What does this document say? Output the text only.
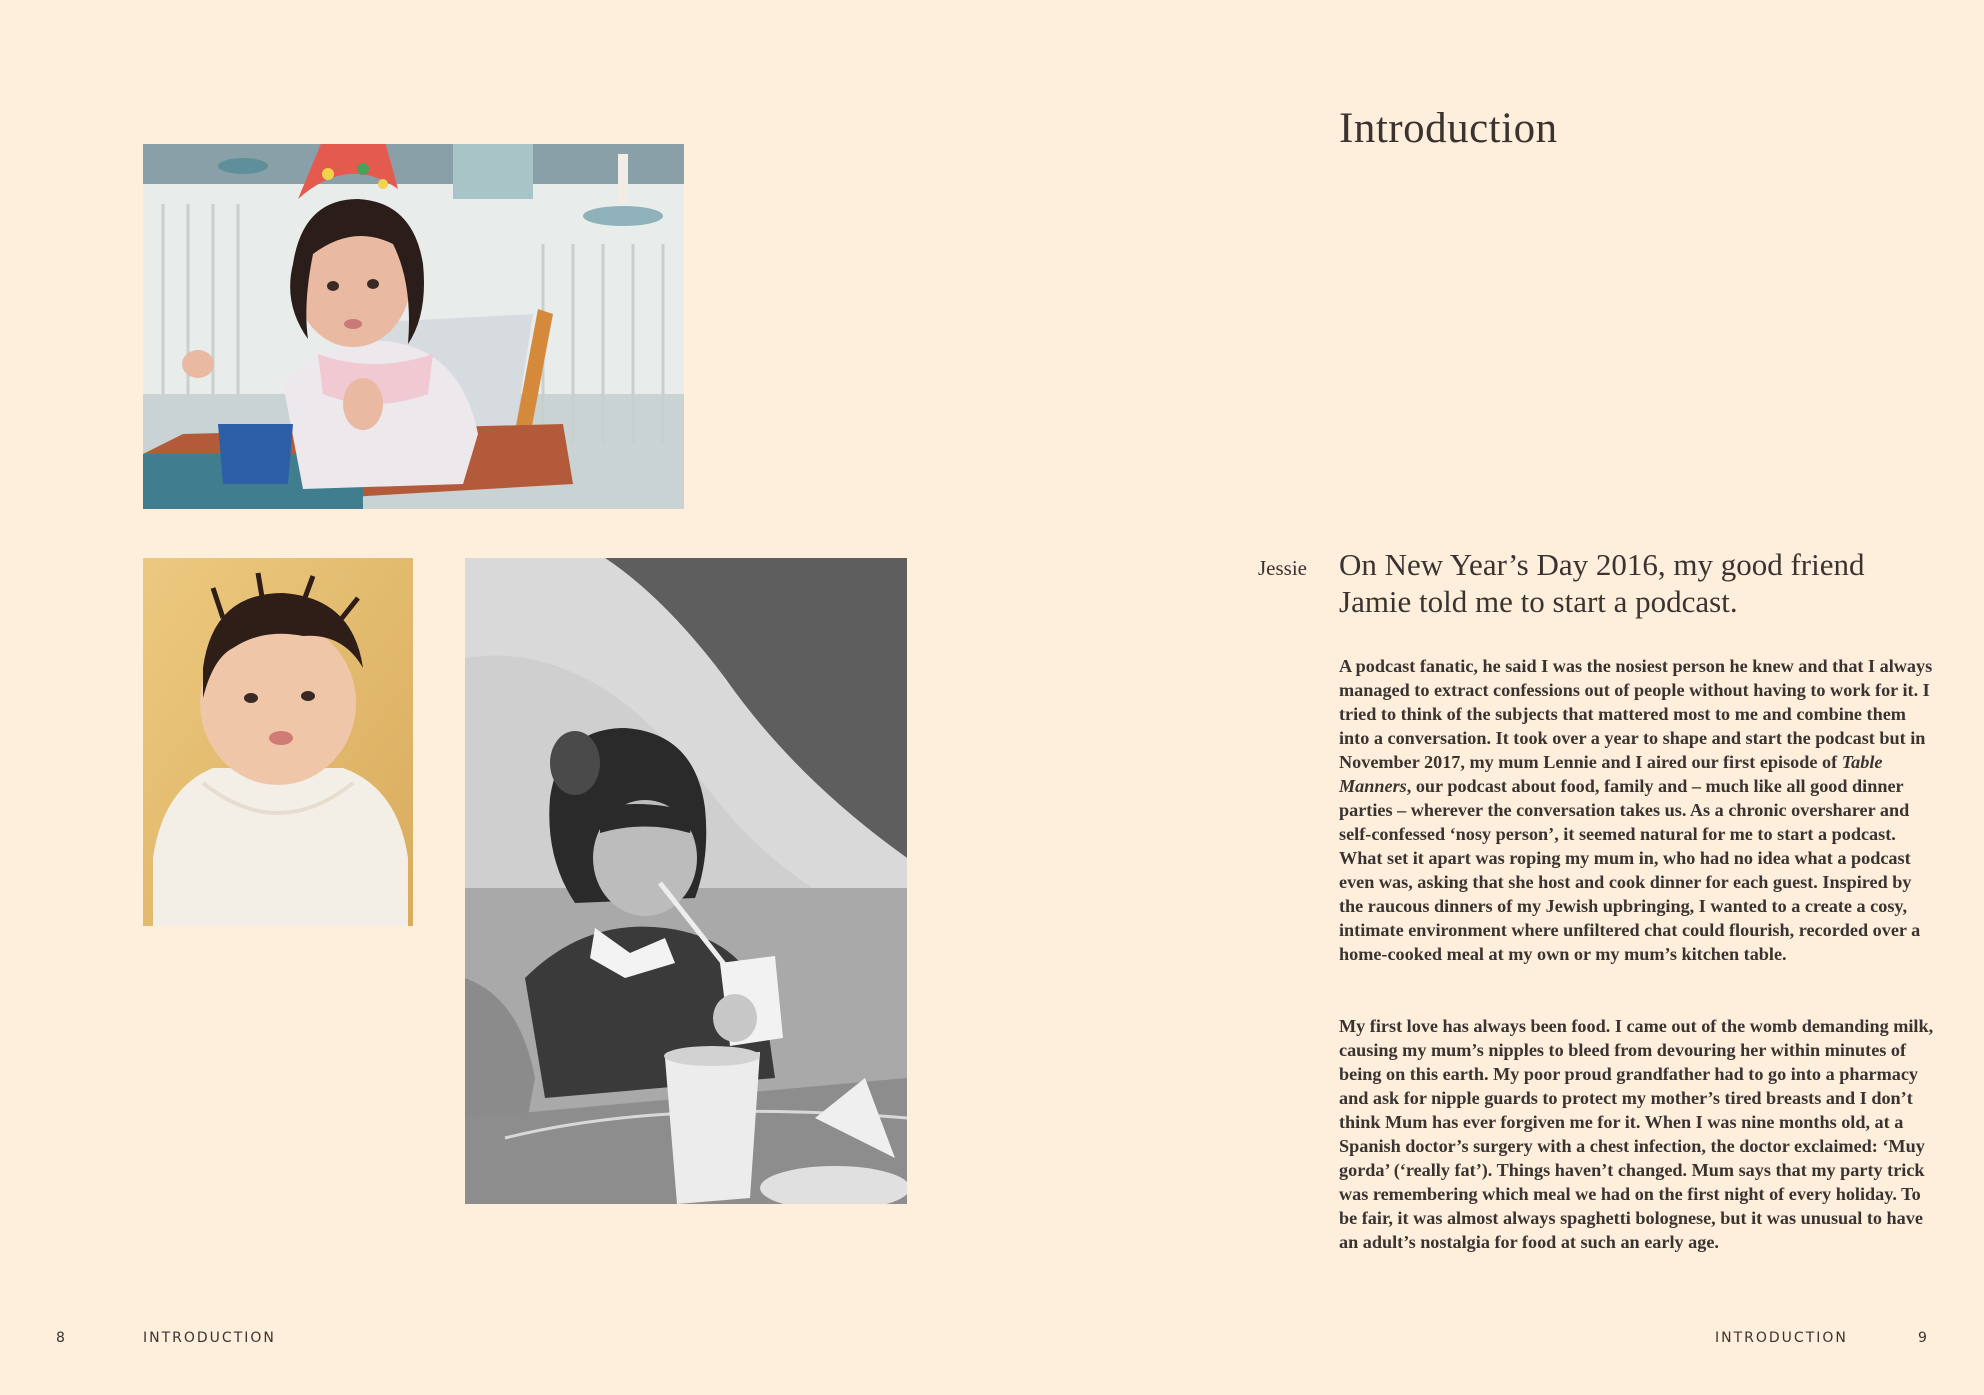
Introduction
Jessie On New Year’s Day 2016, my good friend Jamie told me to start a podcast.

A podcast fanatic, he said I was the nosiest person he knew and that I always managed to extract confessions out of people without having to work for it. I tried to think of the subjects that mattered most to me and combine them into a conversation. It took over a year to shape and start the podcast but in November 2017, my mum Lennie and I aired our first episode of Table Manners, our podcast about food, family and – much like all good dinner parties – wherever the conversation takes us. As a chronic oversharer and self-confessed ‘nosy person’, it seemed natural for me to start a podcast. What set it apart was roping my mum in, who had no idea what a podcast even was, asking that she host and cook dinner for each guest. Inspired by the raucous dinners of my Jewish upbringing, I wanted to a create a cosy, intimate environment where unfiltered chat could flourish, recorded over a home-cooked meal at my own or my mum’s kitchen table.

My first love has always been food. I came out of the womb demanding milk, causing my mum’s nipples to bleed from devouring her within minutes of being on this earth. My poor proud grandfather had to go into a pharmacy and ask for nipple guards to protect my mother’s tired breasts and I don’t think Mum has ever forgiven me for it. When I was nine months old, at a Spanish doctor’s surgery with a chest infection, the doctor exclaimed: ‘Muy gorda’ (‘really fat’). Things haven’t changed. Mum says that my party trick was remembering which meal we had on the first night of every holiday. To be fair, it was almost always spaghetti bolognese, but it was unusual to have an adult’s nostalgia for food at such an early age.

8	INTRODUCTION	INTRODUCTION	9
